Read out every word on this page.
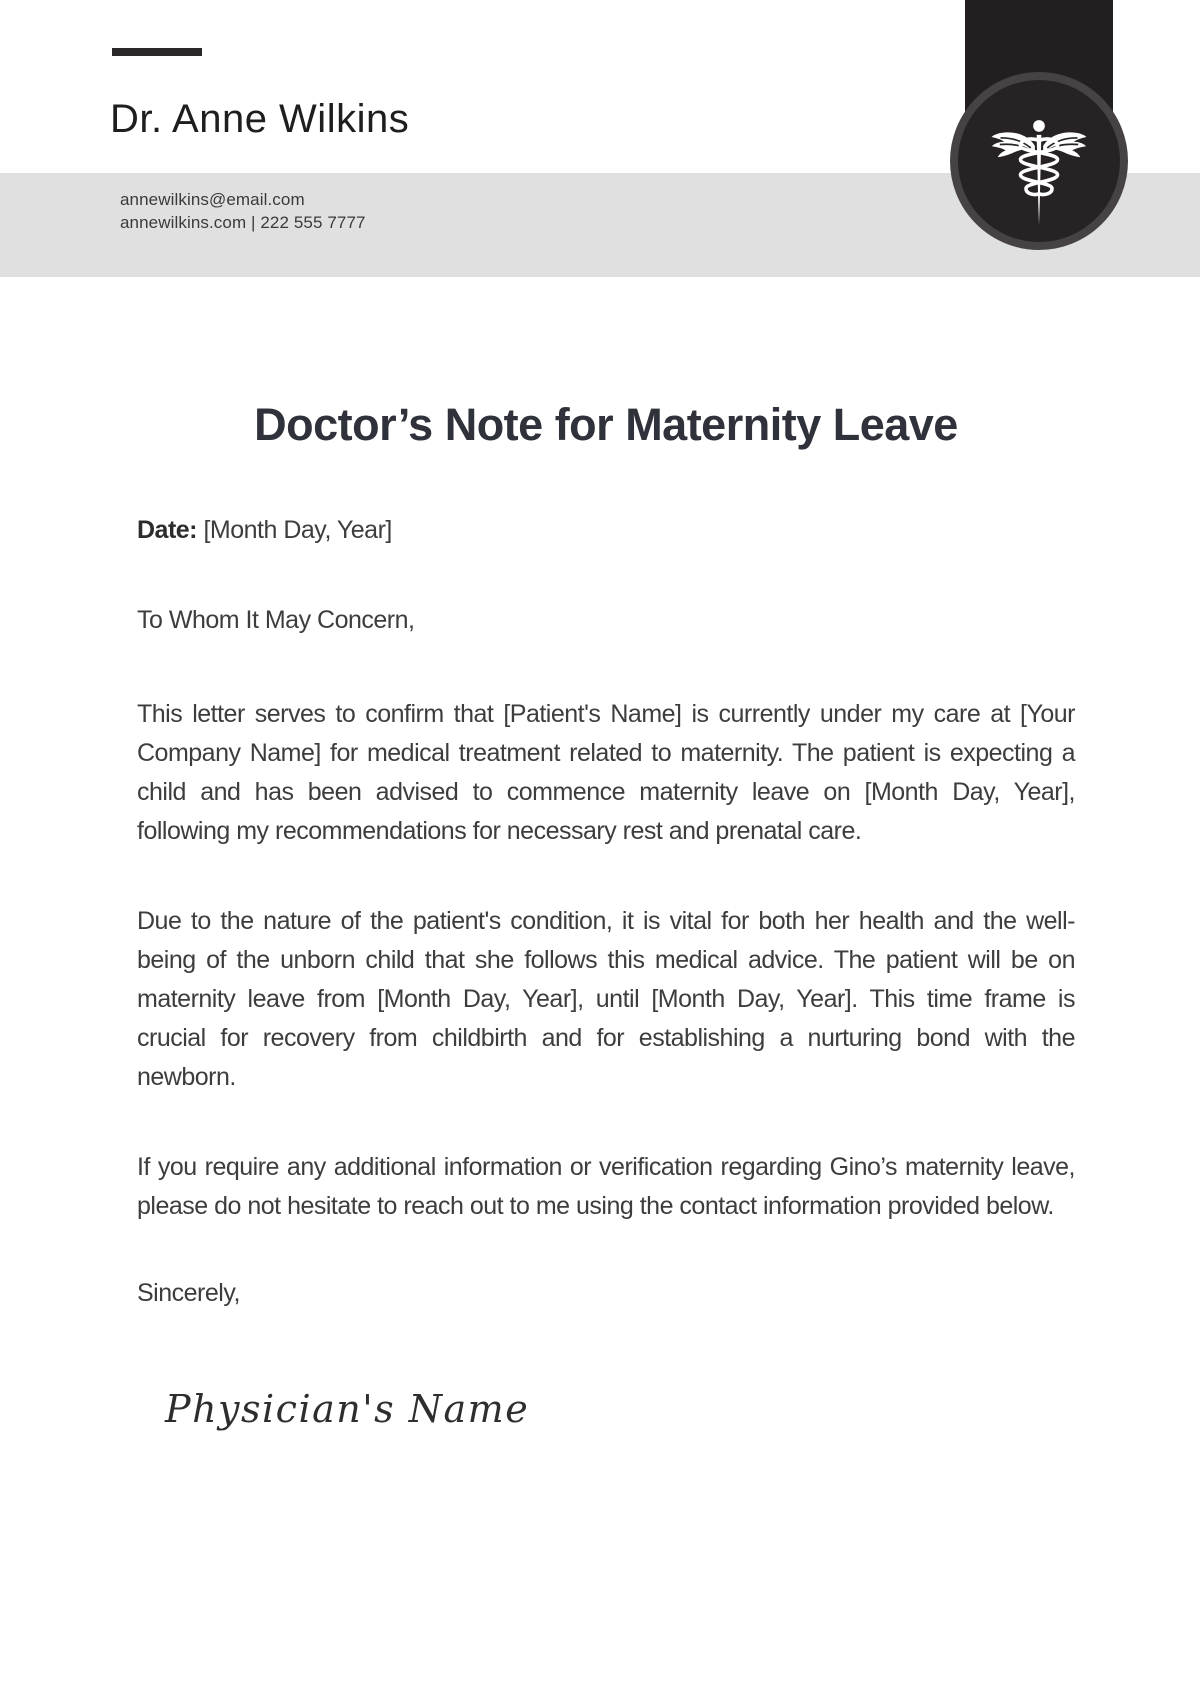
Dr. Anne Wilkins
annewilkins@email.com
annewilkins.com | 222 555 7777
Doctor’s Note for Maternity Leave
Date: [Month Day, Year]
To Whom It May Concern,

This letter serves to confirm that [Patient's Name] is currently under my care at [Your Company Name] for medical treatment related to maternity. The patient is expecting a child and has been advised to commence maternity leave on [Month Day, Year], following my recommendations for necessary rest and prenatal care.

Due to the nature of the patient's condition, it is vital for both her health and the well-being of the unborn child that she follows this medical advice. The patient will be on maternity leave from [Month Day, Year], until [Month Day, Year]. This time frame is crucial for recovery from childbirth and for establishing a nurturing bond with the newborn.

If you require any additional information or verification regarding Gino’s maternity leave, please do not hesitate to reach out to me using the contact information provided below.

Sincerely,
Physician's Name
